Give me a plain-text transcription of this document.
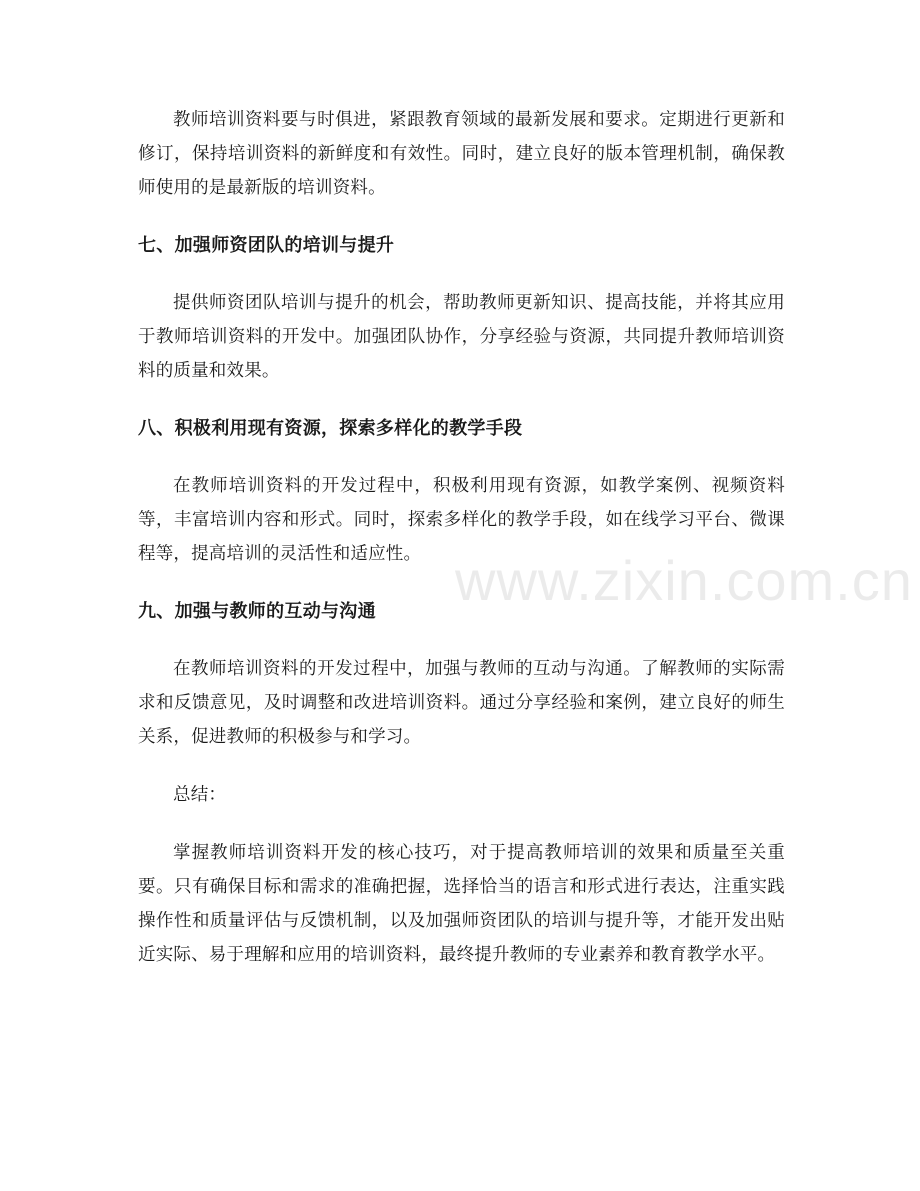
教师培训资料要与时俱进，紧跟教育领域的最新发展和要求。定期进行更新和修订，保持培训资料的新鲜度和有效性。同时，建立良好的版本管理机制，确保教师使用的是最新版的培训资料。

七、加强师资团队的培训与提升

提供师资团队培训与提升的机会，帮助教师更新知识、提高技能，并将其应用于教师培训资料的开发中。加强团队协作，分享经验与资源，共同提升教师培训资料的质量和效果。

八、积极利用现有资源，探索多样化的教学手段

在教师培训资料的开发过程中，积极利用现有资源，如教学案例、视频资料等，丰富培训内容和形式。同时，探索多样化的教学手段，如在线学习平台、微课程等，提高培训的灵活性和适应性。

九、加强与教师的互动与沟通

在教师培训资料的开发过程中，加强与教师的互动与沟通。了解教师的实际需求和反馈意见，及时调整和改进培训资料。通过分享经验和案例，建立良好的师生关系，促进教师的积极参与和学习。

总结：

掌握教师培训资料开发的核心技巧，对于提高教师培训的效果和质量至关重要。只有确保目标和需求的准确把握，选择恰当的语言和形式进行表达，注重实践操作性和质量评估与反馈机制，以及加强师资团队的培训与提升等，才能开发出贴近实际、易于理解和应用的培训资料，最终提升教师的专业素养和教育教学水平。

www.zixin.com.cn
